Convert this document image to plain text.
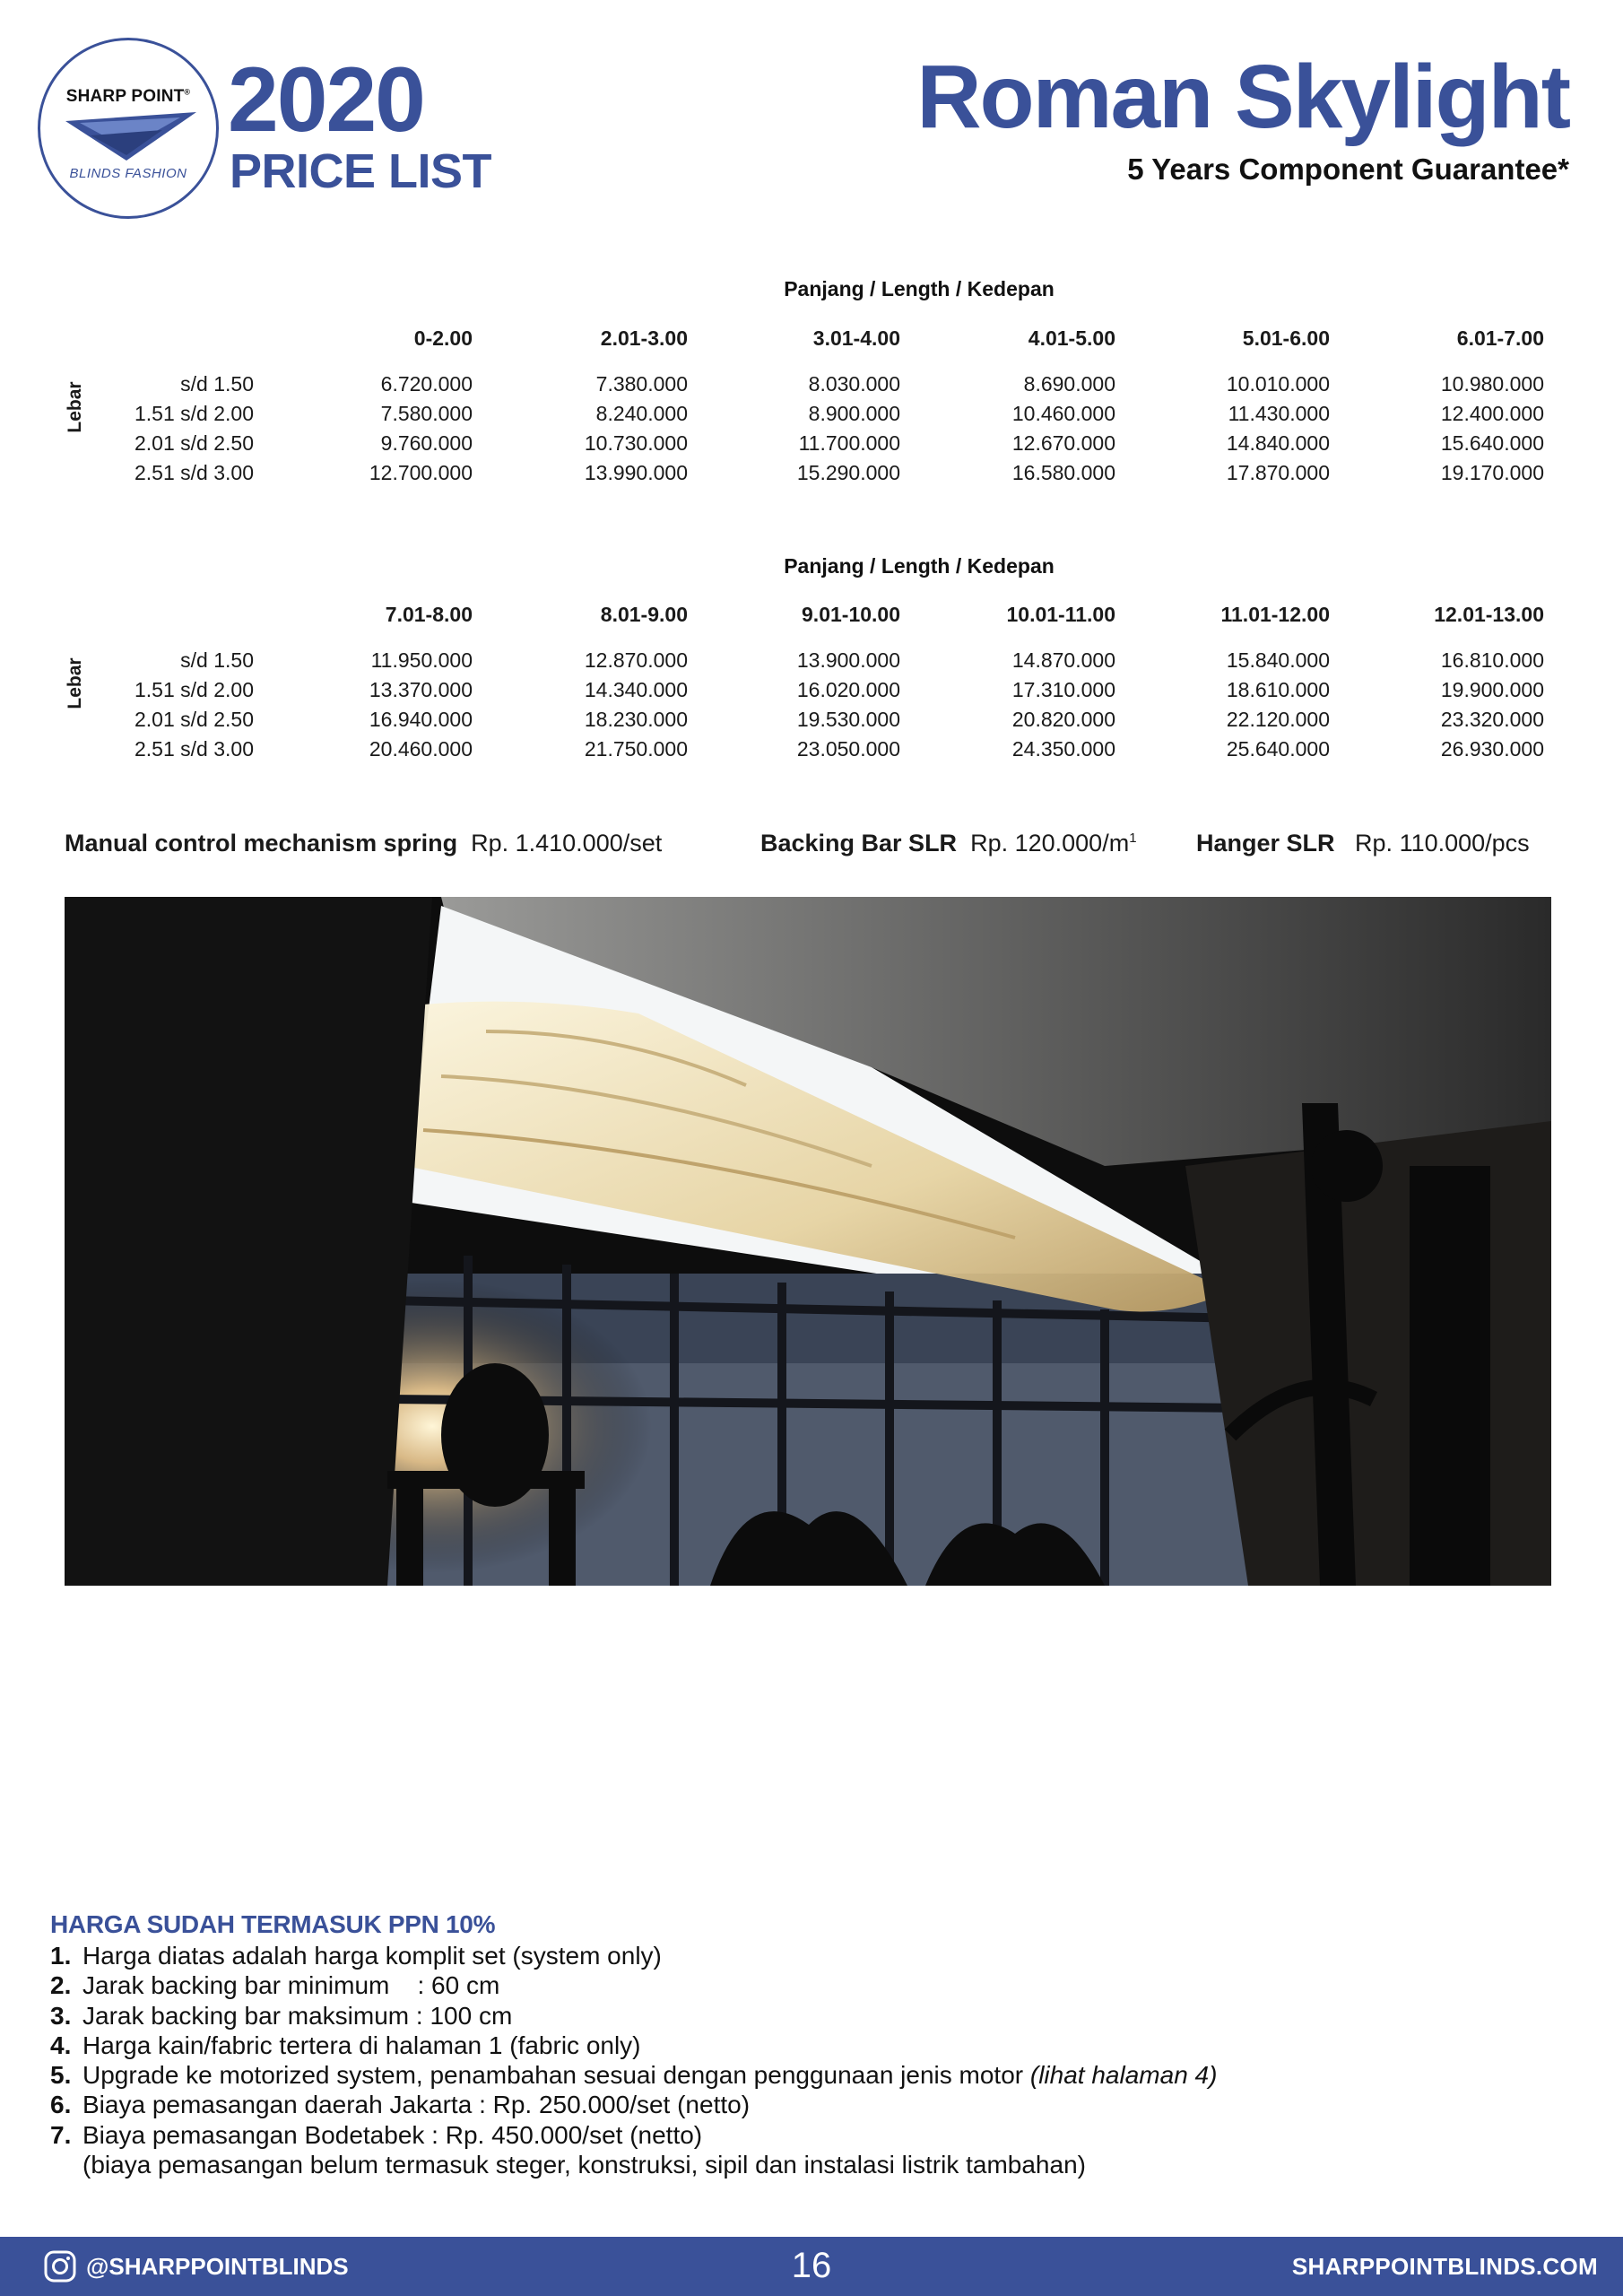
SHARP POINT®
BLINDS FASHION
2020
PRICE LIST
Roman Skylight
5 Years Component Guarantee*
Panjang / Length / Kedepan
Lebar
0-2.00	2.01-3.00	3.01-4.00	4.01-5.00	5.01-6.00	6.01-7.00
s/d 1.50	6.720.000	7.380.000	8.030.000	8.690.000	10.010.000	10.980.000
1.51 s/d 2.00	7.580.000	8.240.000	8.900.000	10.460.000	11.430.000	12.400.000
2.01 s/d 2.50	9.760.000	10.730.000	11.700.000	12.670.000	14.840.000	15.640.000
2.51 s/d 3.00	12.700.000	13.990.000	15.290.000	16.580.000	17.870.000	19.170.000
Panjang / Length / Kedepan
Lebar
7.01-8.00	8.01-9.00	9.01-10.00	10.01-11.00	11.01-12.00	12.01-13.00
s/d 1.50	11.950.000	12.870.000	13.900.000	14.870.000	15.840.000	16.810.000
1.51 s/d 2.00	13.370.000	14.340.000	16.020.000	17.310.000	18.610.000	19.900.000
2.01 s/d 2.50	16.940.000	18.230.000	19.530.000	20.820.000	22.120.000	23.320.000
2.51 s/d 3.00	20.460.000	21.750.000	23.050.000	24.350.000	25.640.000	26.930.000
Manual control mechanism spring Rp. 1.410.000/set	Backing Bar SLR Rp. $120.000/m^1$ Hanger SLR Rp. 110.000/pcs
HARGA SUDAH TERMASUK PPN 10%
1. Harga diatas adalah harga komplit set (system only)
2. Jarak backing bar minimum    : 60 cm
3. Jarak backing bar maksimum : 100 cm
4. Harga kain/fabric tertera di halaman 1 (fabric only)
5. Upgrade ke motorized system, penambahan sesuai dengan penggunaan jenis motor (lihat halaman 4)
6. Biaya pemasangan daerah Jakarta : Rp. 250.000/set (netto)
7. Biaya pemasangan Bodetabek : Rp. 450.000/set (netto)
(biaya pemasangan belum termasuk steger, konstruksi, sipil dan instalasi listrik tambahan)
@SHARPPOINTBLINDS	16	SHARPPOINTBLINDS.COM
